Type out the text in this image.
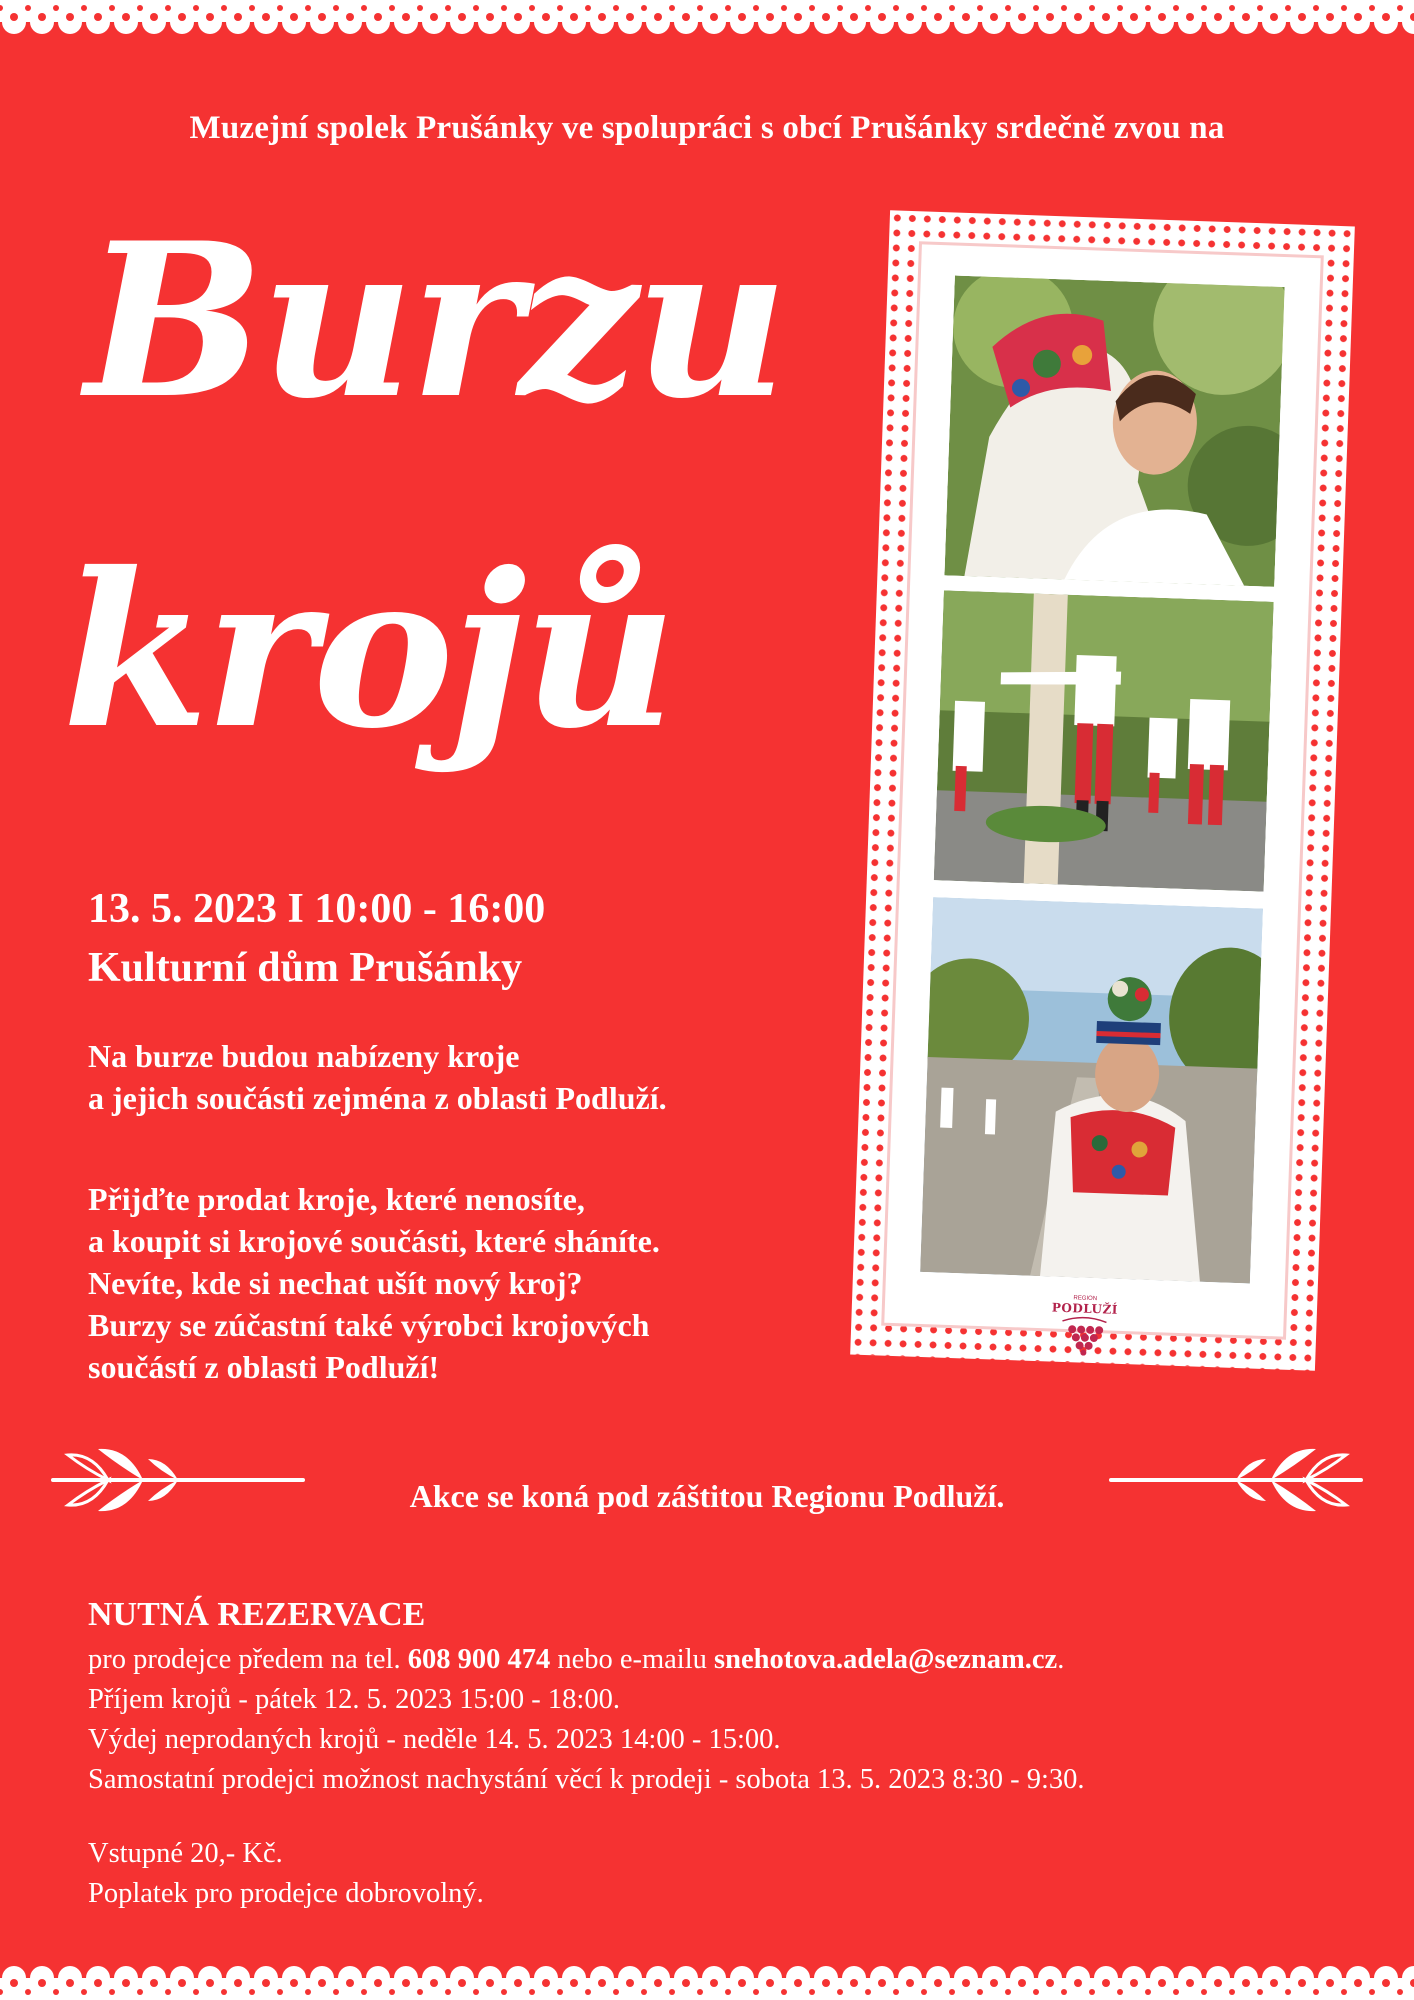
Muzejní spolek Prušánky ve spolupráci s obcí Prušánky srdečně zvou na
Burzu
krojů
13. 5. 2023 I 10:00 - 16:00
Kulturní dům Prušánky
Na burze budou nabízeny kroje
a jejich součásti zejména z oblasti Podluží.
Přijďte prodat kroje, které nenosíte,
a koupit si krojové součásti, které sháníte.
Nevíte, kde si nechat ušít nový kroj?
Burzy se zúčastní také výrobci krojových
součástí z oblasti Podluží!
REGION
PODLUŽÍ
Akce se koná pod záštitou Regionu Podluží.
NUTNÁ REZERVACE
pro prodejce předem na tel. 608 900 474 nebo e-mailu snehotova.adela@seznam.cz.
Příjem krojů - pátek 12. 5. 2023 15:00 - 18:00.
Výdej neprodaných krojů - neděle 14. 5. 2023 14:00 - 15:00.
Samostatní prodejci možnost nachystání věcí k prodeji - sobota 13. 5. 2023 8:30 - 9:30.
Vstupné 20,- Kč.
Poplatek pro prodejce dobrovolný.
